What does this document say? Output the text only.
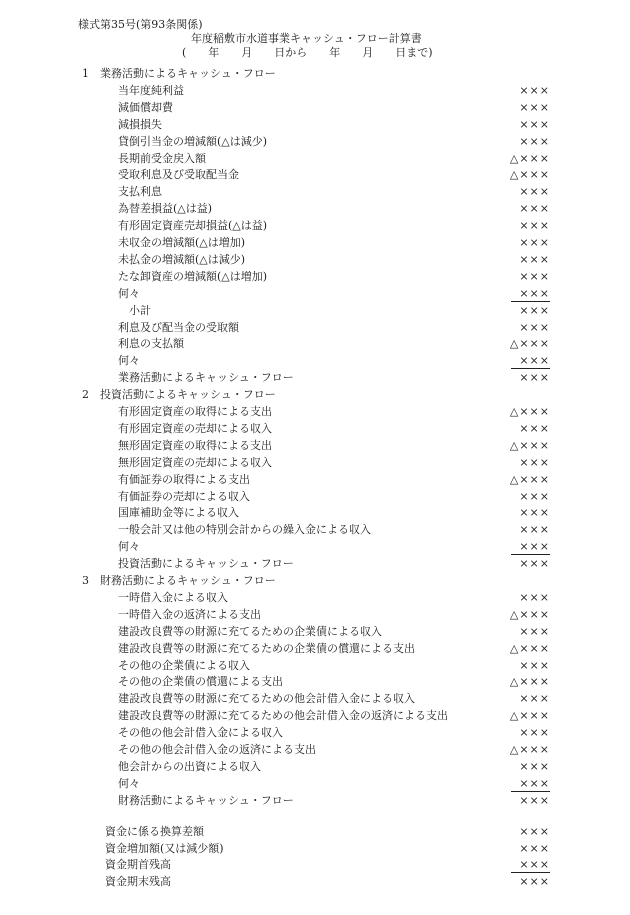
様式第35号(第93条関係)
年度稲敷市水道事業キャッシュ・フロー計算書
(　　年　　月　　日から　　年　　月　　日まで)
1 業務活動によるキャッシュ・フロー
当年度純利益	×××
減価償却費	×××
減損損失	×××
貸倒引当金の増減額(△は減少)	×××
長期前受金戻入額	△×××
受取利息及び受取配当金	△×××
支払利息	×××
為替差損益(△は益)	×××
有形固定資産売却損益(△は益)	×××
未収金の増減額(△は増加)	×××
未払金の増減額(△は減少)	×××
たな卸資産の増減額(△は増加)	×××
何々	×××
小計	×××
利息及び配当金の受取額	×××
利息の支払額	△×××
何々	×××
業務活動によるキャッシュ・フロー	×××
2 投資活動によるキャッシュ・フロー
有形固定資産の取得による支出	△×××
有形固定資産の売却による収入	×××
無形固定資産の取得による支出	△×××
無形固定資産の売却による収入	×××
有価証券の取得による支出	△×××
有価証券の売却による収入	×××
国庫補助金等による収入	×××
一般会計又は他の特別会計からの繰入金による収入	×××
何々	×××
投資活動によるキャッシュ・フロー	×××
3 財務活動によるキャッシュ・フロー
一時借入金による収入	×××
一時借入金の返済による支出	△×××
建設改良費等の財源に充てるための企業債による収入	×××
建設改良費等の財源に充てるための企業債の償還による支出	△×××
その他の企業債による収入	×××
その他の企業債の償還による支出	△×××
建設改良費等の財源に充てるための他会計借入金による収入	×××
建設改良費等の財源に充てるための他会計借入金の返済による支出	△×××
その他の他会計借入金による収入	×××
その他の他会計借入金の返済による支出	△×××
他会計からの出資による収入	×××
何々	×××
財務活動によるキャッシュ・フロー	×××
資金に係る換算差額	×××
資金増加額(又は減少額)	×××
資金期首残高	×××
資金期末残高	×××
